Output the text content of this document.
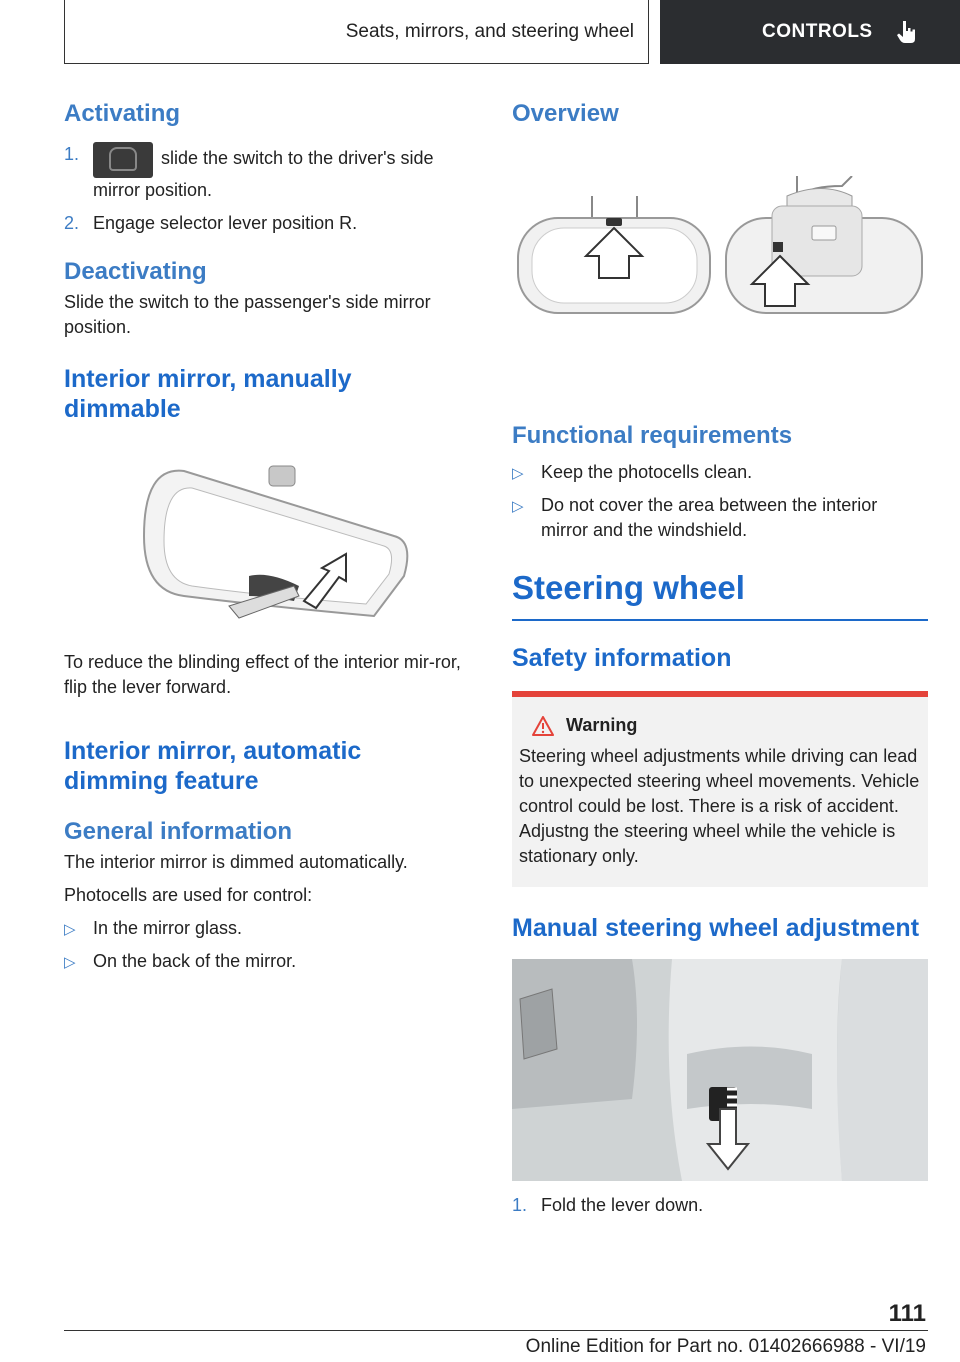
Seats, mirrors, and steering wheel	CONTROLS
Activating
1.	slide the switch to the driver's side mirror position.
2. Engage selector lever position R.
Deactivating

Slide the switch to the passenger's side mirror position.

Interior mirror, manually dimmable

To reduce the blinding effect of the interior mir‐ror, flip the lever forward.

Interior mirror, automatic dimming feature
General information

The interior mirror is dimmed automatically.

Photocells are used for control:

▷ In the mirror glass.
▷ On the back of the mirror.
Overview
Functional requirements
▷ Keep the photocells clean.
▷ Do not cover the area between the interior mirror and the windshield.
Steering wheel
Safety information
Warning

Steering wheel adjustments while driving can lead to unexpected steering wheel movements. Vehicle control could be lost. There is a risk of accident. Adjustng the steering wheel while the vehicle is stationary only.

Manual steering wheel adjustment
1. Fold the lever down.
111
Online Edition for Part no. 01402666988 - VI/19
